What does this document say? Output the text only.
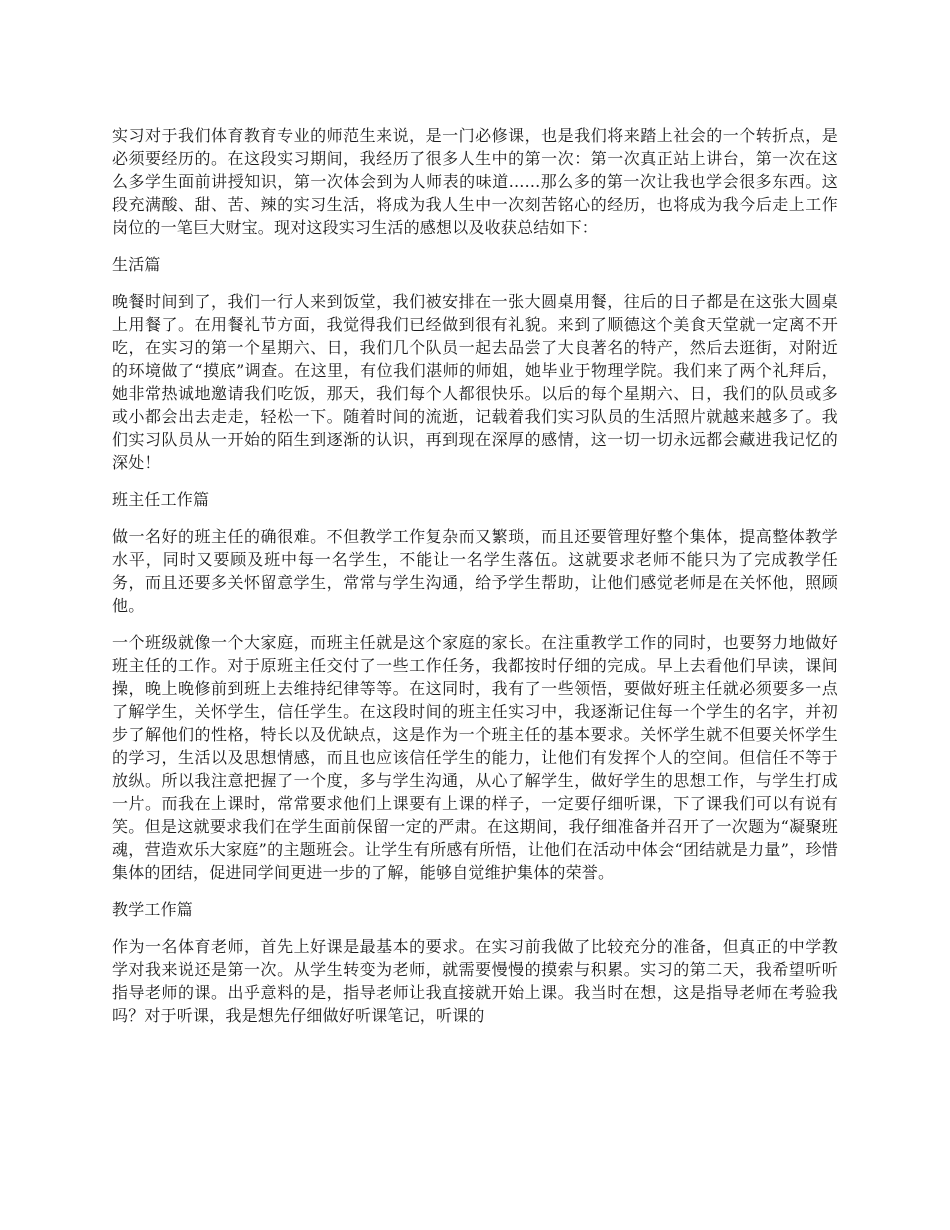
实习对于我们体育教育专业的师范生来说，是一门必修课，也是我们将来踏上社会的一个转折点，是必须要经历的。在这段实习期间，我经历了很多人生中的第一次：第一次真正站上讲台，第一次在这么多学生面前讲授知识，第一次体会到为人师表的味道......那么多的第一次让我也学会很多东西。这段充满酸、甜、苦、辣的实习生活，将成为我人生中一次刻苦铭心的经历，也将成为我今后走上工作岗位的一笔巨大财宝。现对这段实习生活的感想以及收获总结如下：

生活篇

晚餐时间到了，我们一行人来到饭堂，我们被安排在一张大圆桌用餐，往后的日子都是在这张大圆桌上用餐了。在用餐礼节方面，我觉得我们已经做到很有礼貌。来到了顺德这个美食天堂就一定离不开吃，在实习的第一个星期六、日，我们几个队员一起去品尝了大良著名的特产，然后去逛街，对附近的环境做了“摸底”调查。在这里，有位我们湛师的师姐，她毕业于物理学院。我们来了两个礼拜后，她非常热诚地邀请我们吃饭，那天，我们每个人都很快乐。以后的每个星期六、日，我们的队员或多或小都会出去走走，轻松一下。随着时间的流逝，记载着我们实习队员的生活照片就越来越多了。我们实习队员从一开始的陌生到逐渐的认识，再到现在深厚的感情，这一切一切永远都会藏进我记忆的深处！

班主任工作篇

做一名好的班主任的确很难。不但教学工作复杂而又繁琐，而且还要管理好整个集体，提高整体教学水平，同时又要顾及班中每一名学生，不能让一名学生落伍。这就要求老师不能只为了完成教学任务，而且还要多关怀留意学生，常常与学生沟通，给予学生帮助，让他们感觉老师是在关怀他，照顾他。

一个班级就像一个大家庭，而班主任就是这个家庭的家长。在注重教学工作的同时，也要努力地做好班主任的工作。对于原班主任交付了一些工作任务，我都按时仔细的完成。早上去看他们早读，课间操，晚上晚修前到班上去维持纪律等等。在这同时，我有了一些领悟，要做好班主任就必须要多一点了解学生，关怀学生，信任学生。在这段时间的班主任实习中，我逐渐记住每一个学生的名字，并初步了解他们的性格，特长以及优缺点，这是作为一个班主任的基本要求。关怀学生就不但要关怀学生的学习，生活以及思想情感，而且也应该信任学生的能力，让他们有发挥个人的空间。但信任不等于放纵。所以我注意把握了一个度，多与学生沟通，从心了解学生，做好学生的思想工作，与学生打成一片。而我在上课时，常常要求他们上课要有上课的样子，一定要仔细听课，下了课我们可以有说有笑。但是这就要求我们在学生面前保留一定的严肃。在这期间，我仔细准备并召开了一次题为“凝聚班魂，营造欢乐大家庭”的主题班会。让学生有所感有所悟，让他们在活动中体会“团结就是力量”，珍惜集体的团结，促进同学间更进一步的了解，能够自觉维护集体的荣誉。

教学工作篇

作为一名体育老师，首先上好课是最基本的要求。在实习前我做了比较充分的准备，但真正的中学教学对我来说还是第一次。从学生转变为老师，就需要慢慢的摸索与积累。实习的第二天，我希望听听指导老师的课。出乎意料的是，指导老师让我直接就开始上课。我当时在想，这是指导老师在考验我吗？对于听课，我是想先仔细做好听课笔记，听课的
